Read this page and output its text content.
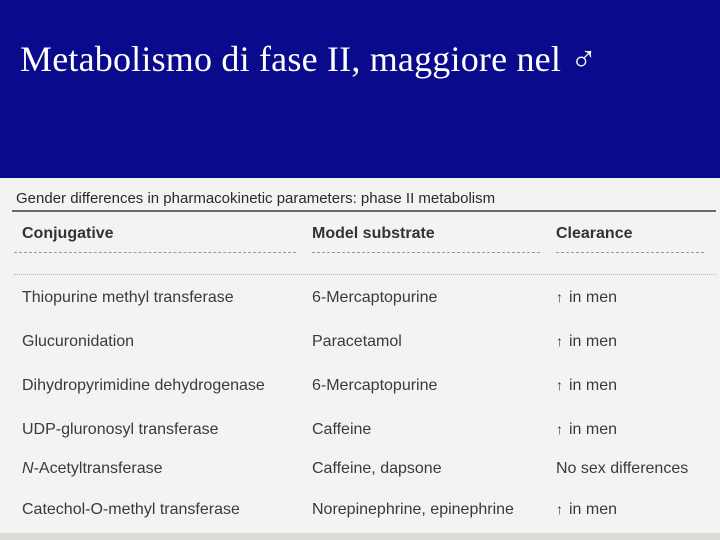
Metabolismo di fase II, maggiore nel ♂
Gender differences in pharmacokinetic parameters: phase II metabolism
Conjugative	Model substrate	Clearance
Thiopurine methyl transferase	6-Mercaptopurine	↑ in men
Glucuronidation	Paracetamol	↑ in men
Dihydropyrimidine dehydrogenase	6-Mercaptopurine	↑ in men
UDP-gluronosyl transferase	Caffeine	↑ in men
N-Acetyltransferase	Caffeine, dapsone	No sex differences
Catechol-O-methyl transferase	Norepinephrine, epinephrine	↑ in men
